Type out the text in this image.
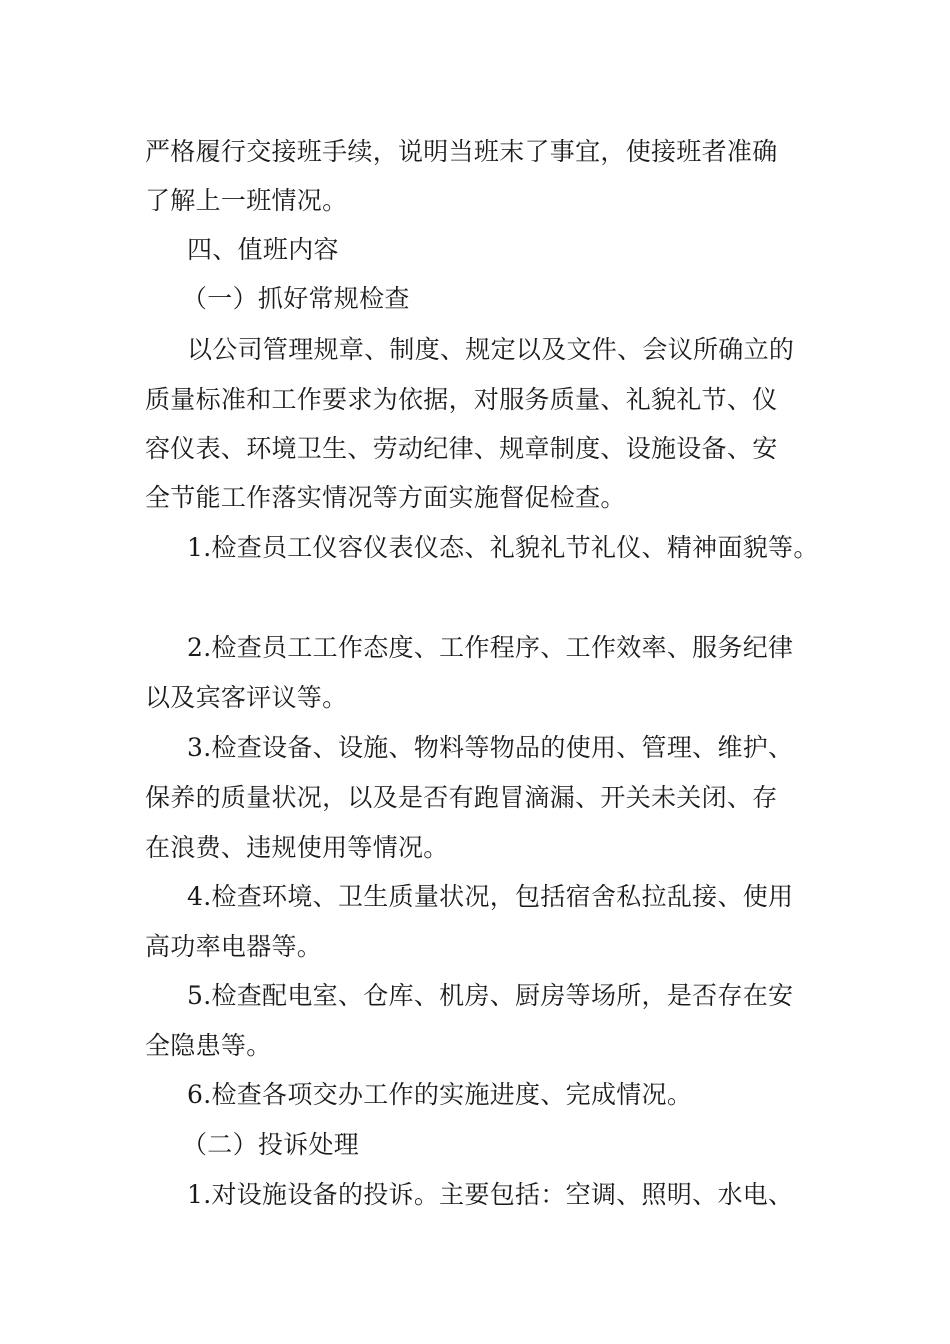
严格履行交接班手续，说明当班末了事宜，使接班者准确
了解上一班情况。
四、值班内容
（一）抓好常规检查
以公司管理规章、制度、规定以及文件、会议所确立的
质量标准和工作要求为依据，对服务质量、礼貌礼节、仪
容仪表、环境卫生、劳动纪律、规章制度、设施设备、安
全节能工作落实情况等方面实施督促检查。
1.检查员工仪容仪表仪态、礼貌礼节礼仪、精神面貌等。
2.检查员工工作态度、工作程序、工作效率、服务纪律
以及宾客评议等。
3.检查设备、设施、物料等物品的使用、管理、维护、
保养的质量状况，以及是否有跑冒滴漏、开关未关闭、存
在浪费、违规使用等情况。
4.检查环境、卫生质量状况，包括宿舍私拉乱接、使用
高功率电器等。
5.检查配电室、仓库、机房、厨房等场所，是否存在安
全隐患等。
6.检查各项交办工作的实施进度、完成情况。
（二）投诉处理
1.对设施设备的投诉。主要包括：空调、照明、水电、
